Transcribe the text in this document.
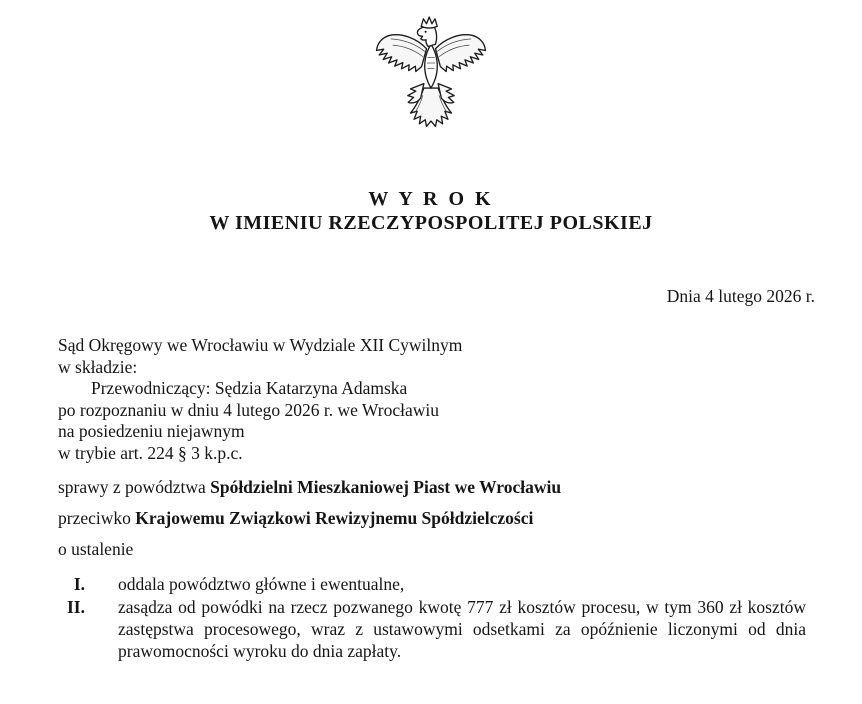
W Y R O K
W IMIENIU RZECZYPOSPOLITEJ POLSKIEJ
Dnia 4 lutego 2026 r.
Sąd Okręgowy we Wrocławiu w Wydziale XII Cywilnym
w składzie:
Przewodniczący: Sędzia Katarzyna Adamska
po rozpoznaniu w dniu 4 lutego 2026 r. we Wrocławiu
na posiedzeniu niejawnym
w trybie art. 224 § 3 k.p.c.

sprawy z powództwa Spółdzielni Mieszkaniowej Piast we Wrocławiu

przeciwko Krajowemu Związkowi Rewizyjnemu Spółdzielczości

o ustalenie

I. oddala powództwo główne i ewentualne,
II. zasądza od powódki na rzecz pozwanego kwotę 777 zł kosztów procesu, w tym 360 zł kosztów zastępstwa procesowego, wraz z ustawowymi odsetkami za opóźnienie liczonymi od dnia prawomocności wyroku do dnia zapłaty.
